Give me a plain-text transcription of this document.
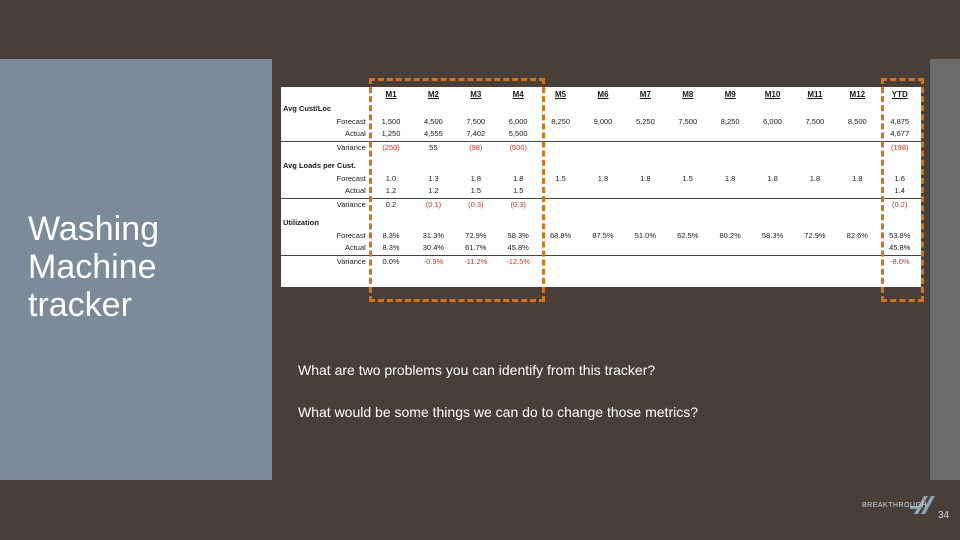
Washing Machine tracker
	M1	M2	M3	M4	M5	M6	M7	M8	M9	M10	M11	M12	YTD
Avg Cust/Loc													
Forecast	1,500	4,500	7,500	6,000	8,250	9,000	5,250	7,500	8,250	6,000	7,500	8,500	4,875
Actual	1,250	4,555	7,402	5,500									4,677
Variance	(250)	55	(98)	(500)									(198)

Avg Loads per Cust.													
Forecast	1.0	1.3	1.8	1.8	1.5	1.8	1.8	1.5	1.8	1.8	1.8	1.8	1.6
Actual	1.2	1.2	1.5	1.5									1.4
Variance	0.2	(0.1)	(0.3)	(0.3)									(0.2)

Utilization													
Forecast	8.3%	31.3%	72.9%	58.3%	68.8%	87.5%	51.0%	62.5%	80.2%	58.3%	72.9%	82.6%	53.8%
Actual	8.3%	30.4%	61.7%	45.8%									45.8%
Variance	0.0%	-0.9%	-11.2%	-12.5%									-8.0%
What are two problems you can identify from this tracker?
What would be some things we can do to change those metrics?
BREAKTHROUGH
34
